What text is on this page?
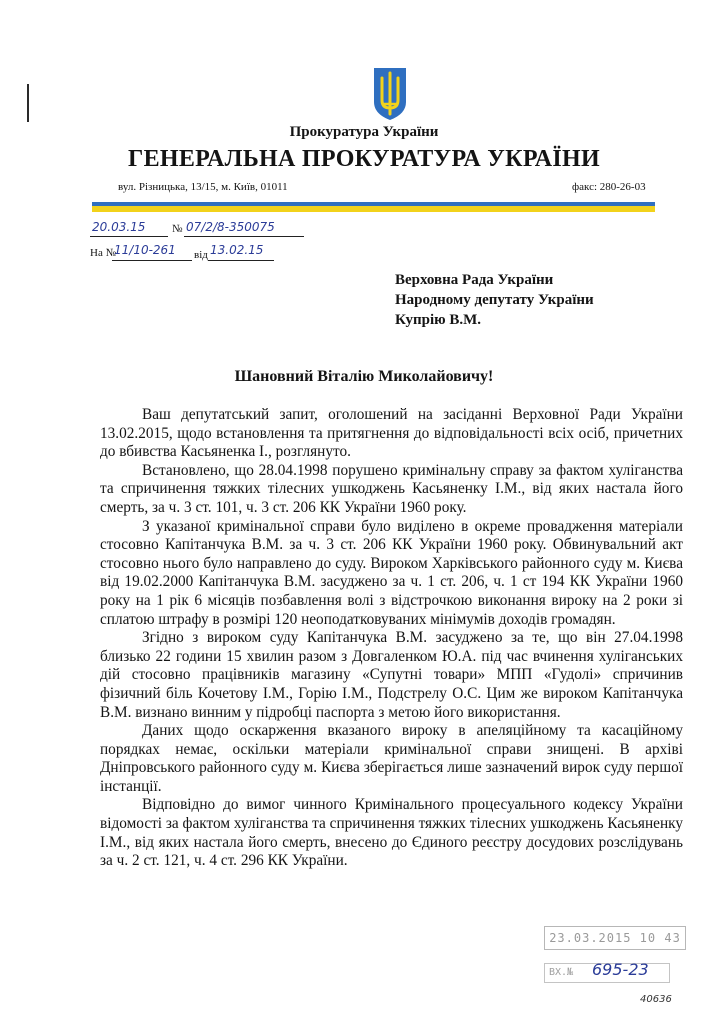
Прокуратура України
ГЕНЕРАЛЬНА ПРОКУРАТУРА УКРАЇНИ
вул. Різницька, 13/15, м. Київ, 01011	факс: 280-26-03
20.03.15 № 07/2/8-350075
На №
11/10-261 від 13.02.15
Верховна Рада України
Народному депутату України
Купрію В.М.
Шановний Віталію Миколайовичу!

Ваш депутатський запит, оголошений на засіданні Верховної Ради України 13.02.2015, щодо встановлення та притягнення до відповідальності всіх осіб, причетних до вбивства Касьяненка І., розглянуто.

Встановлено, що 28.04.1998 порушено кримінальну справу за фактом хуліганства та спричинення тяжких тілесних ушкоджень Касьяненку І.М., від яких настала його смерть, за ч. 3 ст. 101, ч. 3 ст. 206 КК України 1960 року.

З указаної кримінальної справи було виділено в окреме провадження матеріали стосовно Капітанчука В.М. за ч. 3 ст. 206 КК України 1960 року. Обвинувальний акт стосовно нього було направлено до суду. Вироком Харківського районного суду м. Києва від 19.02.2000 Капітанчука В.М. засуджено за ч. 1 ст. 206, ч. 1 ст 194 КК України 1960 року на 1 рік 6 місяців позбавлення волі з відстрочкою виконання вироку на 2 роки зі сплатою штрафу в розмірі 120 неоподатковуваних мінімумів доходів громадян.

Згідно з вироком суду Капітанчука В.М. засуджено за те, що він 27.04.1998 близько 22 години 15 хвилин разом з Довгаленком Ю.А. під час вчинення хуліганських дій стосовно працівників магазину «Супутні товари» МПП «Гудолі» спричинив фізичний біль Кочетову І.М., Горію І.М., Подстрелу О.С. Цим же вироком Капітанчука В.М. визнано винним у підробці паспорта з метою його використання.

Даних щодо оскарження вказаного вироку в апеляційному та касаційному порядках немає, оскільки матеріали кримінальної справи знищені. В архіві Дніпровського районного суду м. Києва зберігається лише зазначений вирок суду першої інстанції.

Відповідно до вимог чинного Кримінального процесуального кодексу України відомості за фактом хуліганства та спричинення тяжких тілесних ушкоджень Касьяненку І.М., від яких настала його смерть, внесено до Єдиного реєстру досудових розслідувань за ч. 2 ст. 121, ч. 4 ст. 296 КК України.

23.03.2015 10 43
ВХ.№	695-23
40636
